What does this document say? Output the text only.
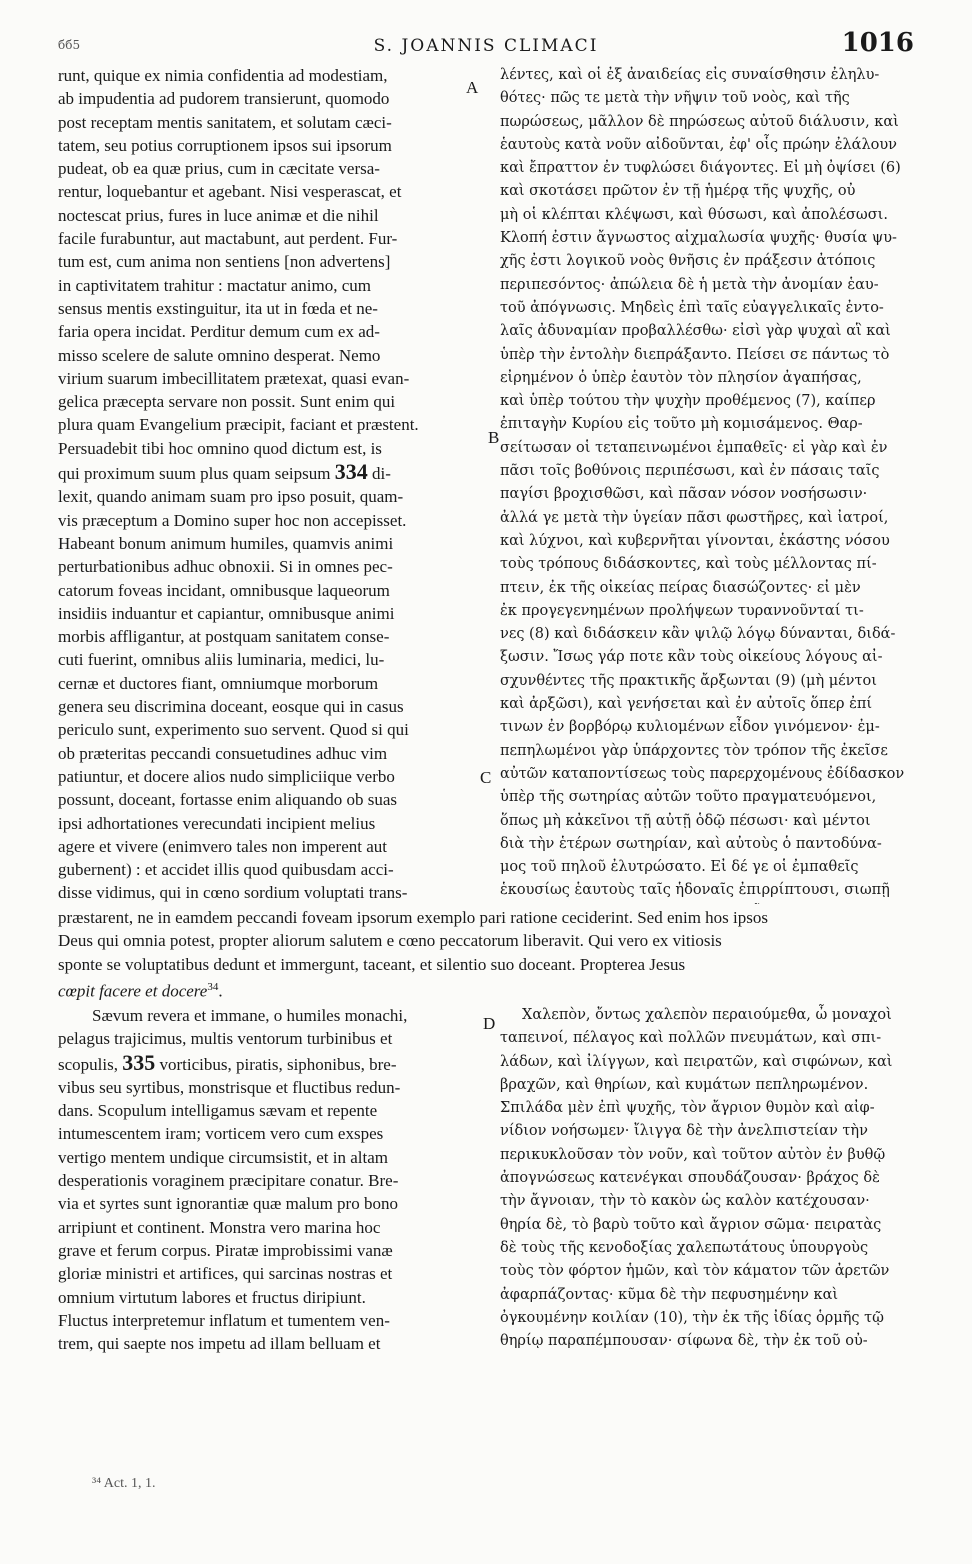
бб5	S. JOANNIS CLIMACI	1016
A
B
C
D
runt, quique ex nimia confidentia ad modestiam,
ab impudentia ad pudorem transierunt, quomodo
post receptam mentis sanitatem, et solutam cæci-
tatem, seu potius corruptionem ipsos sui ipsorum
pudeat, ob ea quæ prius, cum in cæcitate versa-
rentur, loquebantur et agebant. Nisi vesperascat, et
noctescat prius, fures in luce animæ et die nihil
facile furabuntur, aut mactabunt, aut perdent. Fur-
tum est, cum anima non sentiens [non advertens]
in captivitatem trahitur : mactatur animo, cum
sensus mentis exstinguitur, ita ut in fœda et ne-
faria opera incidat. Perditur demum cum ex ad-
misso scelere de salute omnino desperat. Nemo
virium suarum imbecillitatem prætexat, quasi evan-
gelica præcepta servare non possit. Sunt enim qui
plura quam Evangelium præcipit, faciant et præstent.
Persuadebit tibi hoc omnino quod dictum est, is
qui proximum suum plus quam seipsum 334 di-
lexit, quando animam suam pro ipso posuit, quam-
vis præceptum a Domino super hoc non accepisset.
Habeant bonum animum humiles, quamvis animi
perturbationibus adhuc obnoxii. Si in omnes pec-
catorum foveas incidant, omnibusque laqueorum
insidiis induantur et capiantur, omnibusque animi
morbis affligantur, at postquam sanitatem conse-
cuti fuerint, omnibus aliis luminaria, medici, lu-
cernæ et ductores fiant, omniumque morborum
genera seu discrimina doceant, eosque qui in casus
periculo sunt, experimento suo servent. Quod si qui
ob præteritas peccandi consuetudines adhuc vim
patiuntur, et docere alios nudo simpliciique verbo
possunt, doceant, fortasse enim aliquando ob suas
ipsi adhortationes verecundati incipient melius
agere et vivere (enimvero tales non imperent aut
gubernent) : et accidet illis quod quibusdam acci-
disse vidimus, qui in cœno sordium voluptati trans-
λέντες, καὶ οἱ ἐξ ἀναιδείας εἰς συναίσθησιν ἐληλυ-
θότες· πῶς τε μετὰ τὴν νῆψιν τοῦ νοὸς, καὶ τῆς
πωρώσεως, μᾶλλον δὲ πηρώσεως αὐτοῦ διάλυσιν, καὶ
ἑαυτοὺς κατὰ νοῦν αἰδοῦνται, ἐφ' οἷς πρώην ἐλάλουν
καὶ ἔπραττον ἐν τυφλώσει διάγοντες. Εἰ μὴ ὀψίσει (6)
καὶ σκοτάσει πρῶτον ἐν τῇ ἡμέρᾳ τῆς ψυχῆς, οὐ
μὴ οἱ κλέπται κλέψωσι, καὶ θύσωσι, καὶ ἀπολέσωσι.
Κλοπή ἐστιν ἄγνωστος αἰχμαλωσία ψυχῆς· θυσία ψυ-
χῆς ἐστι λογικοῦ νοὸς θνῆσις ἐν πράξεσιν ἀτόποις
περιπεσόντος· ἀπώλεια δὲ ἡ μετὰ τὴν ἀνομίαν ἑαυ-
τοῦ ἀπόγνωσις. Μηδεὶς ἐπὶ ταῖς εὐαγγελικαῖς ἐντο-
λαῖς ἀδυναμίαν προβαλλέσθω· εἰσὶ γὰρ ψυχαὶ αἳ καὶ
ὑπὲρ τὴν ἐντολὴν διεπράξαντο. Πείσει σε πάντως τὸ
εἰρημένον ὁ ὑπὲρ ἑαυτὸν τὸν πλησίον ἀγαπήσας,
καὶ ὑπὲρ τούτου τὴν ψυχὴν προθέμενος (7), καίπερ
ἐπιταγὴν Κυρίου εἰς τοῦτο μὴ κομισάμενος. Θαρ-
σείτωσαν οἱ τεταπεινωμένοι ἐμπαθεῖς· εἰ γὰρ καὶ ἐν
πᾶσι τοῖς βοθύνοις περιπέσωσι, καὶ ἐν πάσαις ταῖς
παγίσι βροχισθῶσι, καὶ πᾶσαν νόσον νοσήσωσιν·
ἀλλά γε μετὰ τὴν ὑγείαν πᾶσι φωστῆρες, καὶ ἰατροί,
καὶ λύχνοι, καὶ κυβερνῆται γίνονται, ἑκάστης νόσου
τοὺς τρόπους διδάσκοντες, καὶ τοὺς μέλλοντας πί-
πτειν, ἐκ τῆς οἰκείας πείρας διασώζοντες· εἰ μὲν
ἐκ προγεγενημένων προλήψεων τυραννοῦνταί τι-
νες (8) καὶ διδάσκειν κἂν ψιλῷ λόγῳ δύνανται, διδά-
ξωσιν. Ἴσως γάρ ποτε κἂν τοὺς οἰκείους λόγους αἰ-
σχυνθέντες τῆς πρακτικῆς ἄρξωνται (9) (μὴ μέντοι
καὶ ἀρξῶσι), καὶ γενήσεται καὶ ἐν αὐτοῖς ὅπερ ἐπί
τινων ἐν βορβόρῳ κυλιομένων εἶδον γινόμενον· ἐμ-
πεπηλωμένοι γὰρ ὑπάρχοντες τὸν τρόπον τῆς ἐκεῖσε
αὐτῶν καταποντίσεως τοὺς παρερχομένους ἐδίδασκον
ὑπὲρ τῆς σωτηρίας αὐτῶν τοῦτο πραγματευόμενοι,
ὅπως μὴ κἀκεῖνοι τῇ αὐτῇ ὁδῷ πέσωσι· καὶ μέντοι
διὰ τὴν ἑτέρων σωτηρίαν, καὶ αὐτοὺς ὁ παντοδύνα-
μος τοῦ πηλοῦ ἐλυτρώσατο. Εἰ δέ γε οἱ ἐμπαθεῖς
ἑκουσίως ἑαυτοὺς ταῖς ἡδοναῖς ἐπιρρίπτουσι, σιωπῇ
præstarent, ne in eamdem peccandi foveam ipsorum exemplo pari ratione ceciderint. Sed enim hos ipsos
Deus qui omnia potest, propter aliorum salutem e cœno peccatorum liberavit. Qui vero ex vitiosis
sponte se voluptatibus dedunt et immergunt, taceant, et silentio suo doceant. Propterea Jesus
cœpit facere et docere$^{34}$.
Sævum revera et immane, o humiles monachi,
pelagus trajicimus, multis ventorum turbinibus et
scopulis, 335 vorticibus, piratis, siphonibus, bre-
vibus seu syrtibus, monstrisque et fluctibus redun-
dans. Scopulum intelligamus sævam et repente
intumescentem iram; vorticem vero cum exspes
vertigo mentem undique circumsistit, et in altam
desperationis voraginem præcipitare conatur. Bre-
via et syrtes sunt ignorantiæ quæ malum pro bono
arripiunt et continent. Monstra vero marina hoc
grave et ferum corpus. Piratæ improbissimi vanæ
gloriæ ministri et artifices, qui sarcinas nostras et
omnium virtutum labores et fructus diripiunt.
Fluctus interpretemur inflatum et tumentem ven-
trem, qui saepte nos impetu ad illam belluam et
Χαλεπὸν, ὄντως χαλεπὸν περαιούμεθα, ὦ μοναχοὶ
ταπεινοί, πέλαγος καὶ πολλῶν πνευμάτων, καὶ σπι-
λάδων, καὶ ἰλίγγων, καὶ πειρατῶν, καὶ σιφώνων, καὶ
βραχῶν, καὶ θηρίων, καὶ κυμάτων πεπληρωμένον.
Σπιλάδα μὲν ἐπὶ ψυχῆς, τὸν ἄγριον θυμὸν καὶ αἰφ-
νίδιον νοήσωμεν· ἴλιγγα δὲ τὴν ἀνελπιστείαν τὴν
περικυκλοῦσαν τὸν νοῦν, καὶ τοῦτον αὐτὸν ἐν βυθῷ
ἀπογνώσεως κατενέγκαι σπουδάζουσαν· βράχος δὲ
τὴν ἄγνοιαν, τὴν τὸ κακὸν ὡς καλὸν κατέχουσαν·
θηρία δὲ, τὸ βαρὺ τοῦτο καὶ ἄγριον σῶμα· πειρατὰς
δὲ τοὺς τῆς κενοδοξίας χαλεπωτάτους ὑπουργοὺς
τοὺς τὸν φόρτον ἡμῶν, καὶ τὸν κάματον τῶν ἀρετῶν
ἀφαρπάζοντας· κῦμα δὲ τὴν πεφυσημένην καὶ
ὀγκουμένην κοιλίαν (10), τὴν ἐκ τῆς ἰδίας ὁρμῆς τῷ
θηρίῳ παραπέμπουσαν· σίφωνα δὲ, τὴν ἐκ τοῦ οὐ-
³⁴ Act. 1, 1.
